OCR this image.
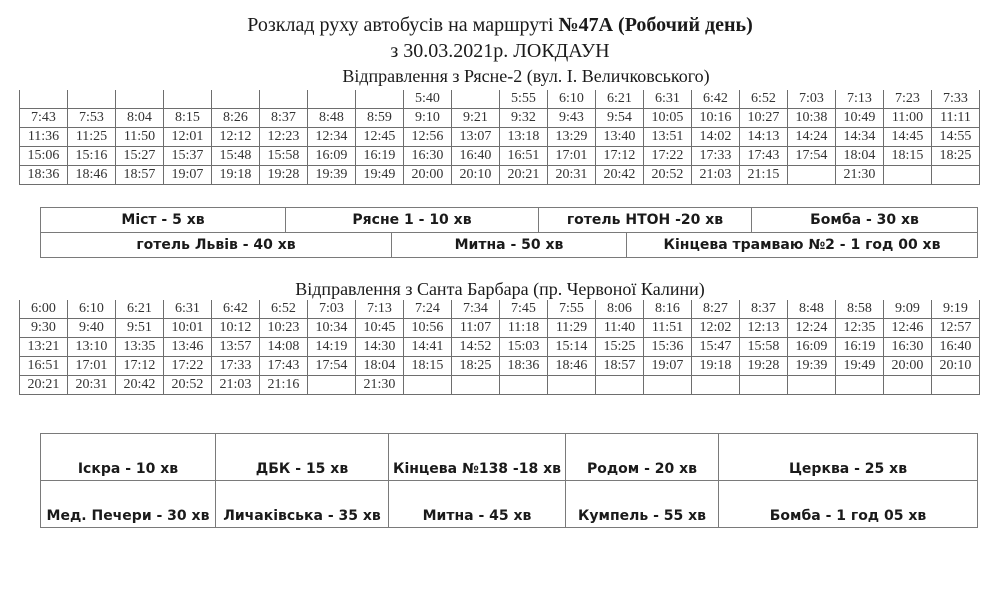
Розклад руху автобусів на маршруті №47А (Робочий день)
з 30.03.2021р. ЛОКДАУН
Відправлення з Рясне-2 (вул. І. Величковського)
								5:40		5:55	6:10	6:21	6:31	6:42	6:52	7:03	7:13	7:23	7:33
7:43	7:53	8:04	8:15	8:26	8:37	8:48	8:59	9:10	9:21	9:32	9:43	9:54	10:05	10:16	10:27	10:38	10:49	11:00	11:11
11:36	11:25	11:50	12:01	12:12	12:23	12:34	12:45	12:56	13:07	13:18	13:29	13:40	13:51	14:02	14:13	14:24	14:34	14:45	14:55
15:06	15:16	15:27	15:37	15:48	15:58	16:09	16:19	16:30	16:40	16:51	17:01	17:12	17:22	17:33	17:43	17:54	18:04	18:15	18:25
18:36	18:46	18:57	19:07	19:18	19:28	19:39	19:49	20:00	20:10	20:21	20:31	20:42	20:52	21:03	21:15		21:30		
Міст - 5 хв	Рясне 1 - 10 хв	готель НТОН -20 хв	Бомба - 30 хв
готель Львів - 40 хв	Митна - 50 хв	Кінцева трамваю №2 - 1 год 00 хв
Відправлення з Санта Барбара (пр. Червоної Калини)
6:00	6:10	6:21	6:31	6:42	6:52	7:03	7:13	7:24	7:34	7:45	7:55	8:06	8:16	8:27	8:37	8:48	8:58	9:09	9:19
9:30	9:40	9:51	10:01	10:12	10:23	10:34	10:45	10:56	11:07	11:18	11:29	11:40	11:51	12:02	12:13	12:24	12:35	12:46	12:57
13:21	13:10	13:35	13:46	13:57	14:08	14:19	14:30	14:41	14:52	15:03	15:14	15:25	15:36	15:47	15:58	16:09	16:19	16:30	16:40
16:51	17:01	17:12	17:22	17:33	17:43	17:54	18:04	18:15	18:25	18:36	18:46	18:57	19:07	19:18	19:28	19:39	19:49	20:00	20:10
20:21	20:31	20:42	20:52	21:03	21:16		21:30												
Іскра - 10 хв	ДБК - 15 хв	Кінцева №138 -18 хв	Родом - 20 хв	Церква - 25 хв
Мед. Печери - 30 хв	Личаківська - 35 хв	Митна - 45 хв	Кумпель - 55 хв	Бомба - 1 год 05 хв
